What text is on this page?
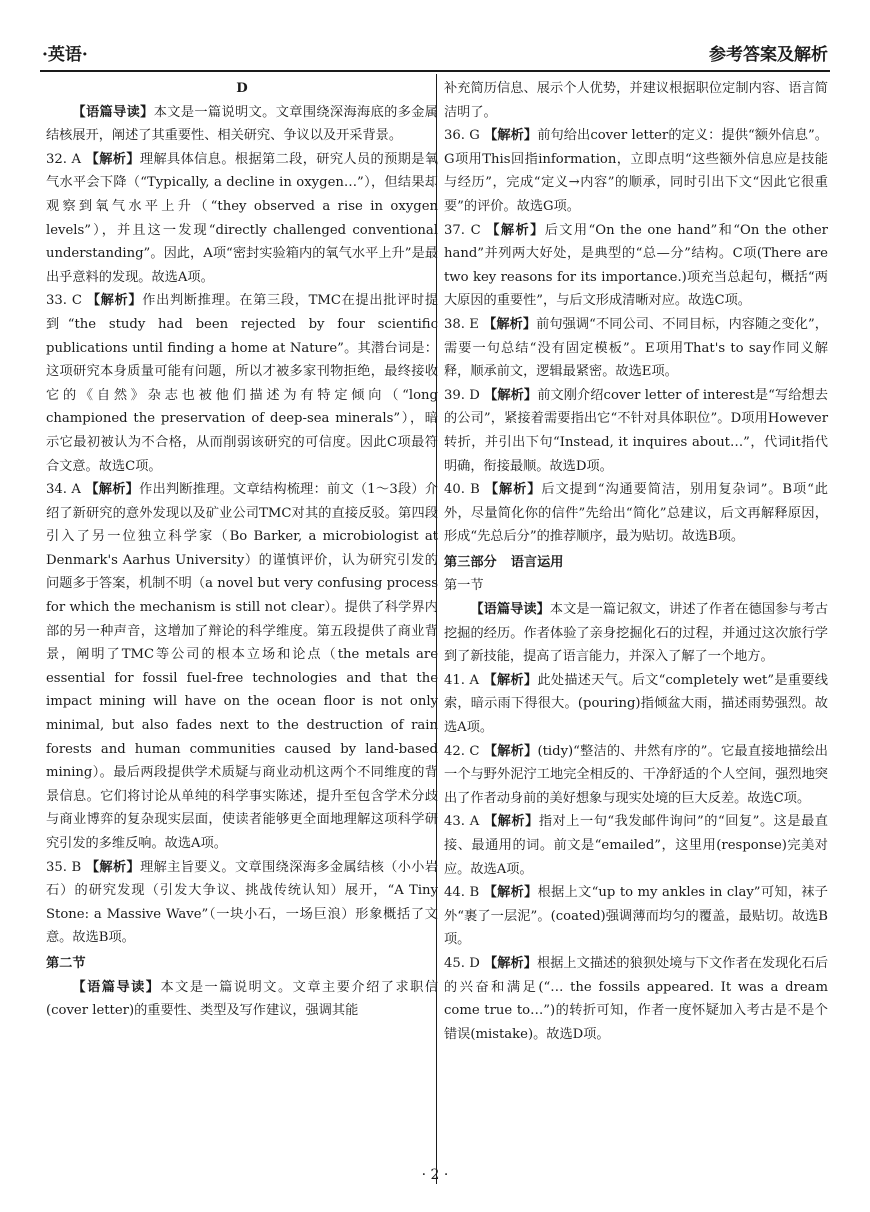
·英语·	参考答案及解析

D

【语篇导读】本文是一篇说明文。文章围绕深海海底的多金属结核展开，阐述了其重要性、相关研究、争议以及开采背景。

32. A 【解析】理解具体信息。根据第二段，研究人员的预期是氧气水平会下降（“Typically, a decline in oxygen…”），但结果却观察到氧气水平上升（“they observed a rise in oxygen levels”），并且这一发现“directly challenged conventional understanding”。因此，A项“密封实验箱内的氧气水平上升”是最出乎意料的发现。故选A项。

33. C 【解析】作出判断推理。在第三段，TMC在提出批评时提到“the study had been rejected by four scientific publications until finding a home at Nature”。其潜台词是：这项研究本身质量可能有问题，所以才被多家刊物拒绝，最终接收它的《自然》杂志也被他们描述为有特定倾向（“long championed the preservation of deep-sea minerals”），暗示它最初被认为不合格，从而削弱该研究的可信度。因此C项最符合文意。故选C项。

34. A 【解析】作出判断推理。文章结构梳理：前文（1～3段）介绍了新研究的意外发现以及矿业公司TMC对其的直接反驳。第四段引入了另一位独立科学家（Bo Barker, a microbiologist at Denmark's Aarhus University）的谨慎评价，认为研究引发的问题多于答案，机制不明（a novel but very confusing process for which the mechanism is still not clear）。提供了科学界内部的另一种声音，这增加了辩论的科学维度。第五段提供了商业背景，阐明了TMC等公司的根本立场和论点（the metals are essential for fossil fuel-free technologies and that the impact mining will have on the ocean floor is not only minimal, but also fades next to the destruction of rain forests and human communities caused by land-based mining）。最后两段提供学术质疑与商业动机这两个不同维度的背景信息。它们将讨论从单纯的科学事实陈述，提升至包含学术分歧与商业博弈的复杂现实层面，使读者能够更全面地理解这项科学研究引发的多维反响。故选A项。

35. B 【解析】理解主旨要义。文章围绕深海多金属结核（小小岩石）的研究发现（引发大争议、挑战传统认知）展开，“A Tiny Stone: a Massive Wave”（一块小石，一场巨浪）形象概括了文意。故选B项。

第二节

【语篇导读】本文是一篇说明文。文章主要介绍了求职信(cover letter)的重要性、类型及写作建议，强调其能

补充简历信息、展示个人优势，并建议根据职位定制内容、语言简洁明了。

36. G 【解析】前句给出cover letter的定义：提供“额外信息”。G项用This回指information，立即点明“这些额外信息应是技能与经历”，完成“定义→内容”的顺承，同时引出下文“因此它很重要”的评价。故选G项。

37. C 【解析】后文用“On the one hand”和“On the other hand”并列两大好处，是典型的“总—分”结构。C项(There are two key reasons for its importance.)项充当总起句，概括“两大原因的重要性”，与后文形成清晰对应。故选C项。

38. E 【解析】前句强调“不同公司、不同目标，内容随之变化”，需要一句总结“没有固定模板”。E项用That's to say作同义解释，顺承前文，逻辑最紧密。故选E项。

39. D 【解析】前文刚介绍cover letter of interest是“写给想去的公司”，紧接着需要指出它“不针对具体职位”。D项用However转折，并引出下句“Instead, it inquires about…”，代词it指代明确，衔接最顺。故选D项。

40. B 【解析】后文提到“沟通要简洁，别用复杂词”。B项“此外，尽量简化你的信件”先给出“简化”总建议，后文再解释原因，形成“先总后分”的推荐顺序，最为贴切。故选B项。

第三部分 语言运用

第一节

【语篇导读】本文是一篇记叙文，讲述了作者在德国参与考古挖掘的经历。作者体验了亲身挖掘化石的过程，并通过这次旅行学到了新技能，提高了语言能力，并深入了解了一个地方。

41. A 【解析】此处描述天气。后文“completely wet”是重要线索，暗示雨下得很大。(pouring)指倾盆大雨，描述雨势强烈。故选A项。

42. C 【解析】(tidy)“整洁的、井然有序的”。它最直接地描绘出一个与野外泥泞工地完全相反的、干净舒适的个人空间，强烈地突出了作者动身前的美好想象与现实处境的巨大反差。故选C项。

43. A 【解析】指对上一句“我发邮件询问”的“回复”。这是最直接、最通用的词。前文是“emailed”，这里用(response)完美对应。故选A项。

44. B 【解析】根据上文“up to my ankles in clay”可知，袜子外“裹了一层泥”。(coated)强调薄而均匀的覆盖，最贴切。故选B项。

45. D 【解析】根据上文描述的狼狈处境与下文作者在发现化石后的兴奋和满足(“… the fossils appeared. It was a dream come true to…”)的转折可知，作者一度怀疑加入考古是不是个错误(mistake)。故选D项。

· 2 ·
